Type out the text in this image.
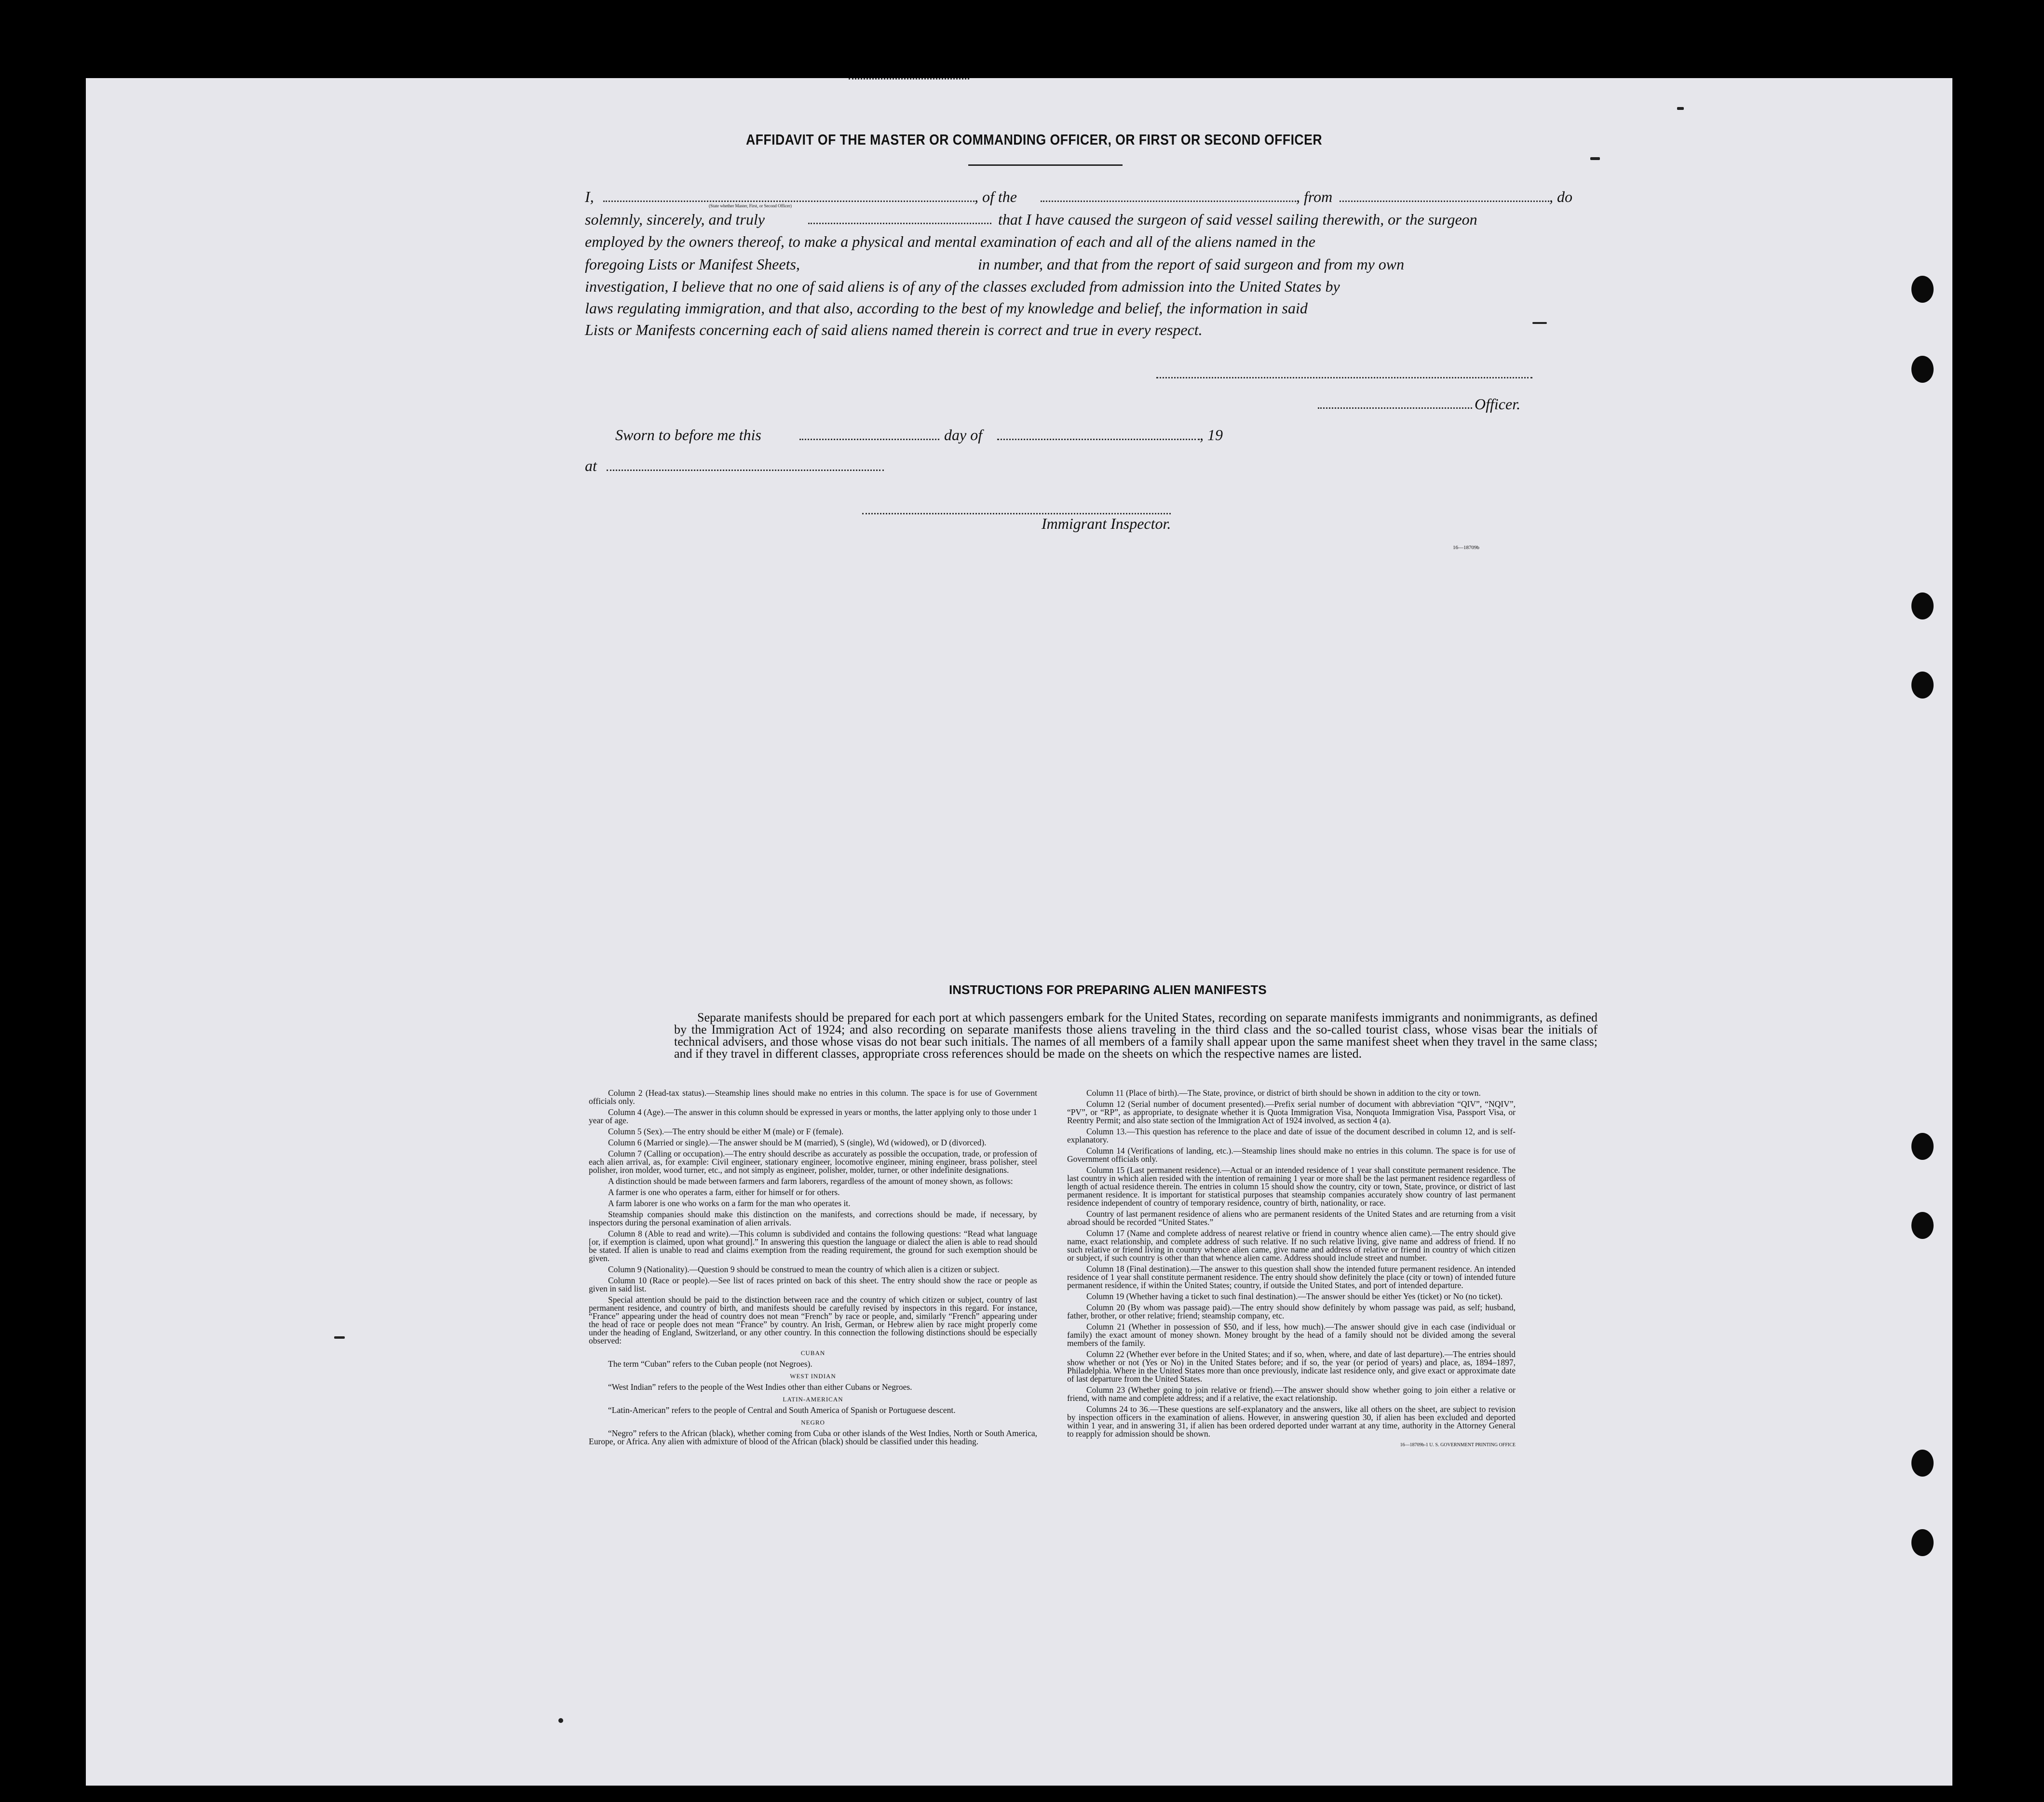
AFFIDAVIT OF THE MASTER OR COMMANDING OFFICER, OR FIRST OR SECOND OFFICER
I,	, of the	, from	, do
(State whether Master, First, or Second Officer)
solemnly, sincerely, and truly	that I have caused the surgeon of said vessel sailing therewith, or the surgeon
employed by the owners thereof, to make a physical and mental examination of each and all of the aliens named in the
foregoing Lists or Manifest Sheets,	in number, and that from the report of said surgeon and from my own
investigation, I believe that no one of said aliens is of any of the classes excluded from admission into the United States by
laws regulating immigration, and that also, according to the best of my knowledge and belief, the information in said
Lists or Manifests concerning each of said aliens named therein is correct and true in every respect.
Officer.
Sworn to before me this	day of	, 19
at
Immigrant Inspector.
16—18709b
INSTRUCTIONS FOR PREPARING ALIEN MANIFESTS
Separate manifests should be prepared for each port at which passengers embark for the United States, recording on separate manifests immigrants and nonimmigrants, as defined by the Immigration Act of 1924; and also recording on separate manifests those aliens traveling in the third class and the so-called tourist class, whose visas bear the initials of technical advisers, and those whose visas do not bear such initials. The names of all members of a family shall appear upon the same manifest sheet when they travel in the same class; and if they travel in different classes, appropriate cross references should be made on the sheets on which the respective names are listed.

Column 2 (Head-tax status).—Steamship lines should make no entries in this column. The space is for use of Government officials only.

Column 4 (Age).—The answer in this column should be expressed in years or months, the latter applying only to those under 1 year of age.

Column 5 (Sex).—The entry should be either M (male) or F (female).

Column 6 (Married or single).—The answer should be M (married), S (single), Wd (widowed), or D (divorced).

Column 7 (Calling or occupation).—The entry should describe as accurately as possible the occupation, trade, or profession of each alien arrival, as, for example: Civil engineer, stationary engineer, locomotive engineer, mining engineer, brass polisher, steel polisher, iron molder, wood turner, etc., and not simply as engineer, polisher, molder, turner, or other indefinite designations.

A distinction should be made between farmers and farm laborers, regardless of the amount of money shown, as follows:

A farmer is one who operates a farm, either for himself or for others.

A farm laborer is one who works on a farm for the man who operates it.

Steamship companies should make this distinction on the manifests, and corrections should be made, if necessary, by inspectors during the personal examination of alien arrivals.

Column 8 (Able to read and write).—This column is subdivided and contains the following questions: “Read what language [or, if exemption is claimed, upon what ground].” In answering this question the language or dialect the alien is able to read should be stated. If alien is unable to read and claims exemption from the reading requirement, the ground for such exemption should be given.

Column 9 (Nationality).—Question 9 should be construed to mean the country of which alien is a citizen or subject.

Column 10 (Race or people).—See list of races printed on back of this sheet. The entry should show the race or people as given in said list.

Special attention should be paid to the distinction between race and the country of which citizen or subject, country of last permanent residence, and country of birth, and manifests should be carefully revised by inspectors in this regard. For instance, “France” appearing under the head of country does not mean “French” by race or people, and, similarly “French” appearing under the head of race or people does not mean “France” by country. An Irish, German, or Hebrew alien by race might properly come under the heading of England, Switzerland, or any other country. In this connection the following distinctions should be especially observed:

CUBAN

The term “Cuban” refers to the Cuban people (not Negroes).

WEST INDIAN

“West Indian” refers to the people of the West Indies other than either Cubans or Negroes.

LATIN-AMERICAN

“Latin-American” refers to the people of Central and South America of Spanish or Portuguese descent.

NEGRO

“Negro” refers to the African (black), whether coming from Cuba or other islands of the West Indies, North or South America, Europe, or Africa. Any alien with admixture of blood of the African (black) should be classified under this heading.

Column 11 (Place of birth).—The State, province, or district of birth should be shown in addition to the city or town.

Column 12 (Serial number of document presented).—Prefix serial number of document with abbreviation “QIV”, “NQIV”, “PV”, or “RP”, as appropriate, to designate whether it is Quota Immigration Visa, Nonquota Immigration Visa, Passport Visa, or Reentry Permit; and also state section of the Immigration Act of 1924 involved, as section 4 (a).

Column 13.—This question has reference to the place and date of issue of the document described in column 12, and is self-explanatory.

Column 14 (Verifications of landing, etc.).—Steamship lines should make no entries in this column. The space is for use of Government officials only.

Column 15 (Last permanent residence).—Actual or an intended residence of 1 year shall constitute permanent residence. The last country in which alien resided with the intention of remaining 1 year or more shall be the last permanent residence regardless of length of actual residence therein. The entries in column 15 should show the country, city or town, State, province, or district of last permanent residence. It is important for statistical purposes that steamship companies accurately show country of last permanent residence independent of country of temporary residence, country of birth, nationality, or race.

Country of last permanent residence of aliens who are permanent residents of the United States and are returning from a visit abroad should be recorded “United States.”

Column 17 (Name and complete address of nearest relative or friend in country whence alien came).—The entry should give name, exact relationship, and complete address of such relative. If no such relative living, give name and address of friend. If no such relative or friend living in country whence alien came, give name and address of relative or friend in country of which citizen or subject, if such country is other than that whence alien came. Address should include street and number.

Column 18 (Final destination).—The answer to this question shall show the intended future permanent residence. An intended residence of 1 year shall constitute permanent residence. The entry should show definitely the place (city or town) of intended future permanent residence, if within the United States; country, if outside the United States, and port of intended departure.

Column 19 (Whether having a ticket to such final destination).—The answer should be either Yes (ticket) or No (no ticket).

Column 20 (By whom was passage paid).—The entry should show definitely by whom passage was paid, as self; husband, father, brother, or other relative; friend; steamship company, etc.

Column 21 (Whether in possession of $50, and if less, how much).—The answer should give in each case (individual or family) the exact amount of money shown. Money brought by the head of a family should not be divided among the several members of the family.

Column 22 (Whether ever before in the United States; and if so, when, where, and date of last departure).—The entries should show whether or not (Yes or No) in the United States before; and if so, the year (or period of years) and place, as, 1894–1897, Philadelphia. Where in the United States more than once previously, indicate last residence only, and give exact or approximate date of last departure from the United States.

Column 23 (Whether going to join relative or friend).—The answer should show whether going to join either a relative or friend, with name and complete address; and if a relative, the exact relationship.

Columns 24 to 36.—These questions are self-explanatory and the answers, like all others on the sheet, are subject to revision by inspection officers in the examination of aliens. However, in answering question 30, if alien has been excluded and deported within 1 year, and in answering 31, if alien has been ordered deported under warrant at any time, authority in the Attorney General to reapply for admission should be shown.

16—18709b-1 U. S. GOVERNMENT PRINTING OFFICE
